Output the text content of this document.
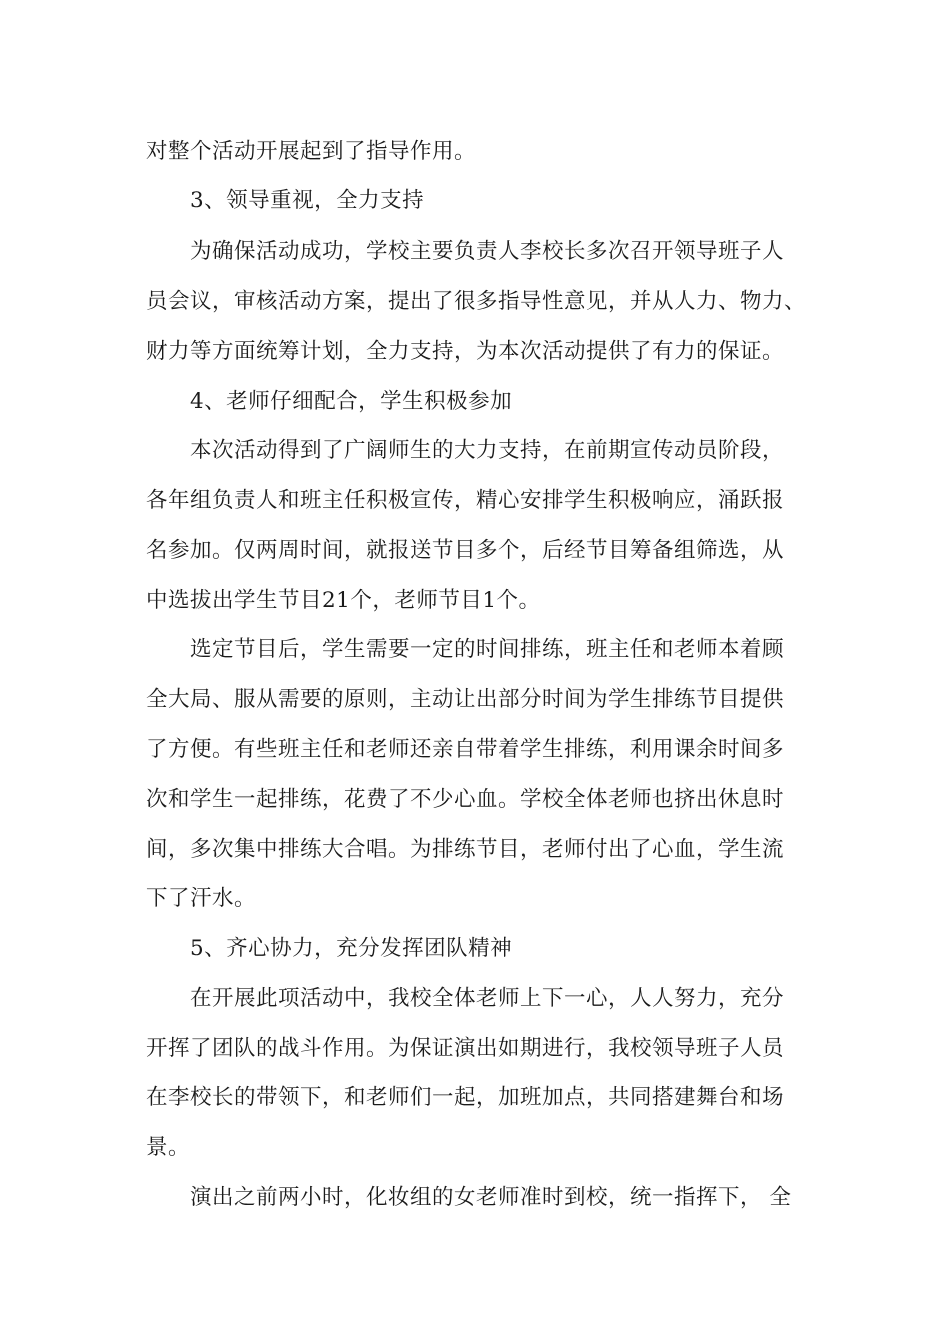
对整个活动开展起到了指导作用。
3、领导重视，全力支持
为确保活动成功，学校主要负责人李校长多次召开领导班子人
员会议，审核活动方案，提出了很多指导性意见，并从人力、物力、
财力等方面统筹计划，全力支持，为本次活动提供了有力的保证。
4、老师仔细配合，学生积极参加
本次活动得到了广阔师生的大力支持，在前期宣传动员阶段，
各年组负责人和班主任积极宣传，精心安排学生积极响应，涌跃报
名参加。仅两周时间，就报送节目多个，后经节目筹备组筛选，从
中选拔出学生节目21个，老师节目1个。
选定节目后，学生需要一定的时间排练，班主任和老师本着顾
全大局、服从需要的原则，主动让出部分时间为学生排练节目提供
了方便。有些班主任和老师还亲自带着学生排练，利用课余时间多
次和学生一起排练，花费了不少心血。学校全体老师也挤出休息时
间，多次集中排练大合唱。为排练节目，老师付出了心血，学生流
下了汗水。
5、齐心协力，充分发挥团队精神
在开展此项活动中，我校全体老师上下一心，人人努力，充分
开挥了团队的战斗作用。为保证演出如期进行，我校领导班子人员
在李校长的带领下，和老师们一起，加班加点，共同搭建舞台和场
景。
演出之前两小时，化妆组的女老师准时到校，统一指挥下， 全
